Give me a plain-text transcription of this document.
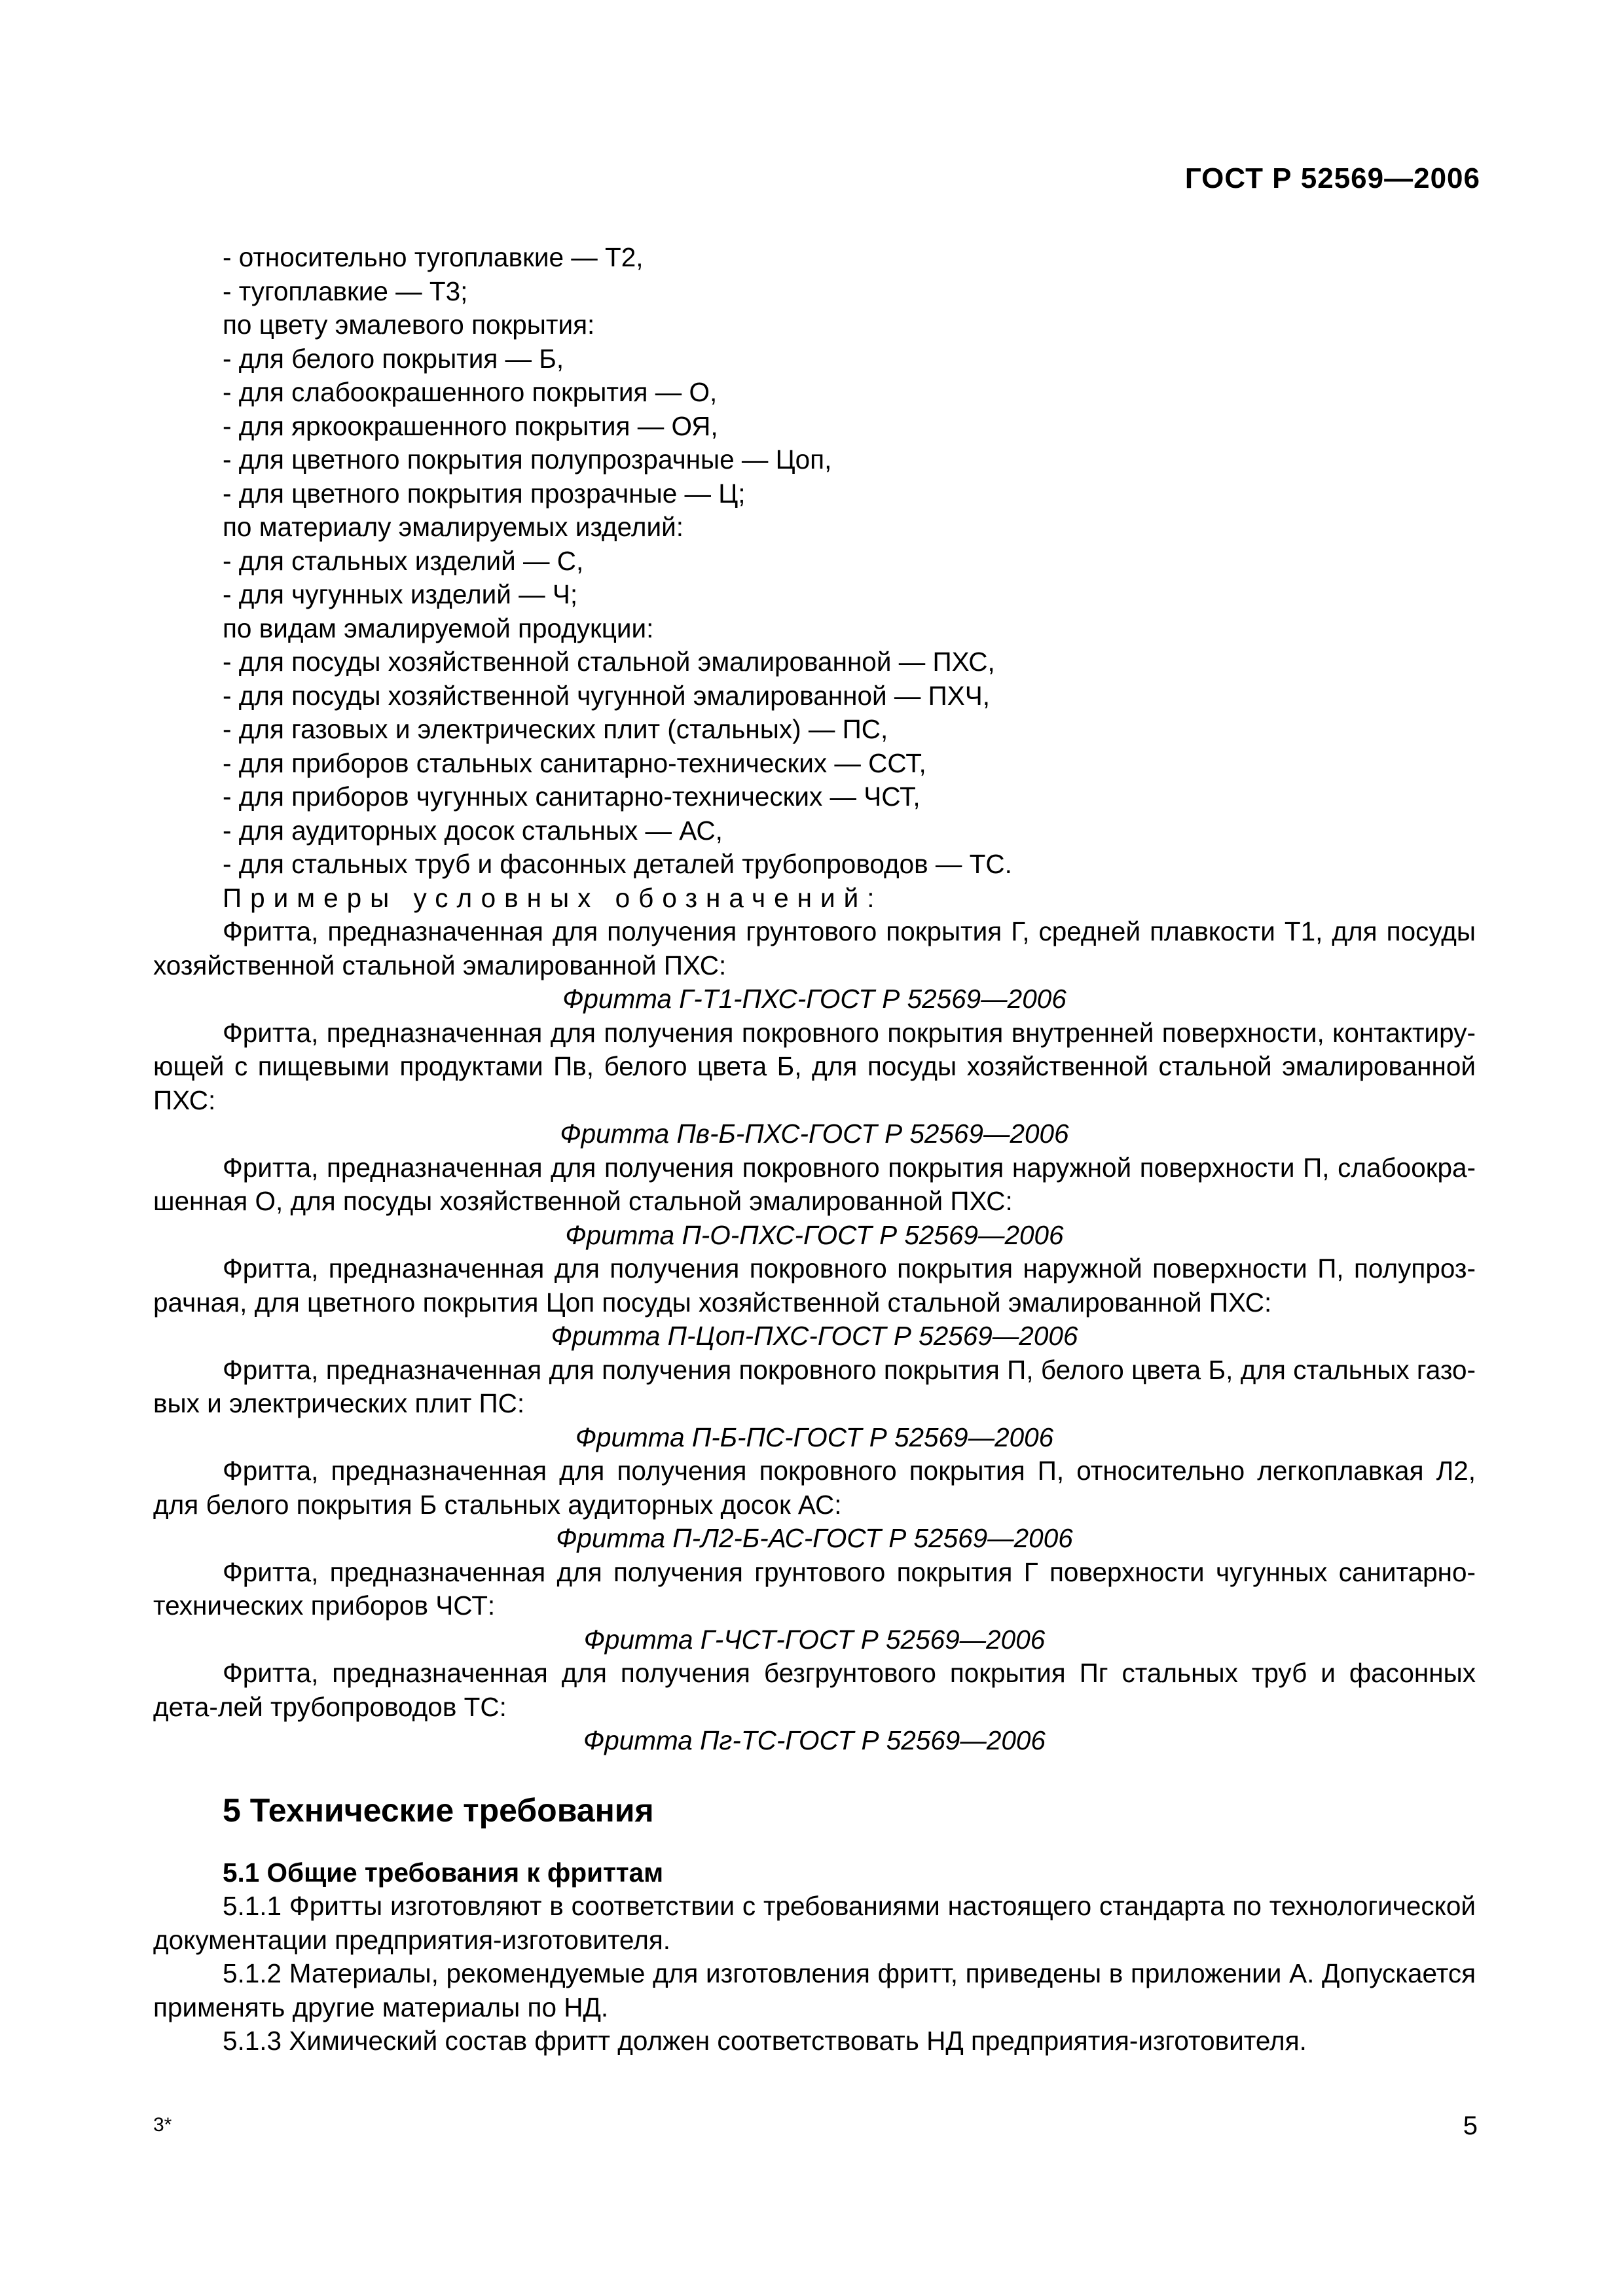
ГОСТ Р 52569—2006
- относительно тугоплавкие — Т2,
- тугоплавкие — Т3;
по цвету эмалевого покрытия:
- для белого покрытия — Б,
- для слабоокрашенного покрытия — О,
- для яркоокрашенного покрытия — ОЯ,
- для цветного покрытия полупрозрачные — Цоп,
- для цветного покрытия прозрачные — Ц;
по материалу эмалируемых изделий:
- для стальных изделий — С,
- для чугунных изделий — Ч;
по видам эмалируемой продукции:
- для посуды хозяйственной стальной эмалированной — ПХС,
- для посуды хозяйственной чугунной эмалированной — ПХЧ,
- для газовых и электрических плит (стальных) — ПС,
- для приборов стальных санитарно-технических — ССТ,
- для приборов чугунных санитарно-технических — ЧСТ,
- для аудиторных досок стальных — АС,
- для стальных труб и фасонных деталей трубопроводов — ТС.
Примеры условных обозначений:

Фритта, предназначенная для получения грунтового покрытия Г, средней плавкости Т1, для посуды хозяйственной стальной эмалированной ПХС:

Фритта Г-Т1-ПХС-ГОСТ Р 52569—2006

Фритта, предназначенная для получения покровного покрытия внутренней поверхности, контактиру-ющей с пищевыми продуктами Пв, белого цвета Б, для посуды хозяйственной стальной эмалированной ПХС:

Фритта Пв-Б-ПХС-ГОСТ Р 52569—2006

Фритта, предназначенная для получения покровного покрытия наружной поверхности П, слабоокра-шенная О, для посуды хозяйственной стальной эмалированной ПХС:

Фритта П-О-ПХС-ГОСТ Р 52569—2006

Фритта, предназначенная для получения покровного покрытия наружной поверхности П, полупроз-рачная, для цветного покрытия Цоп посуды хозяйственной стальной эмалированной ПХС:

Фритта П-Цоп-ПХС-ГОСТ Р 52569—2006

Фритта, предназначенная для получения покровного покрытия П, белого цвета Б, для стальных газо-вых и электрических плит ПС:

Фритта П-Б-ПС-ГОСТ Р 52569—2006

Фритта, предназначенная для получения покровного покрытия П, относительно легкоплавкая Л2, для белого покрытия Б стальных аудиторных досок АС:

Фритта П-Л2-Б-АС-ГОСТ Р 52569—2006

Фритта, предназначенная для получения грунтового покрытия Г поверхности чугунных санитарно-технических приборов ЧСТ:

Фритта Г-ЧСТ-ГОСТ Р 52569—2006

Фритта, предназначенная для получения безгрунтового покрытия Пг стальных труб и фасонных дета-лей трубопроводов ТС:

Фритта Пг-ТС-ГОСТ Р 52569—2006
5 Технические требования
5.1 Общие требования к фриттам

5.1.1 Фритты изготовляют в соответствии с требованиями настоящего стандарта по технологической документации предприятия-изготовителя.

5.1.2 Материалы, рекомендуемые для изготовления фритт, приведены в приложении А. Допускается применять другие материалы по НД.

5.1.3 Химический состав фритт должен соответствовать НД предприятия-изготовителя.

3*	5
